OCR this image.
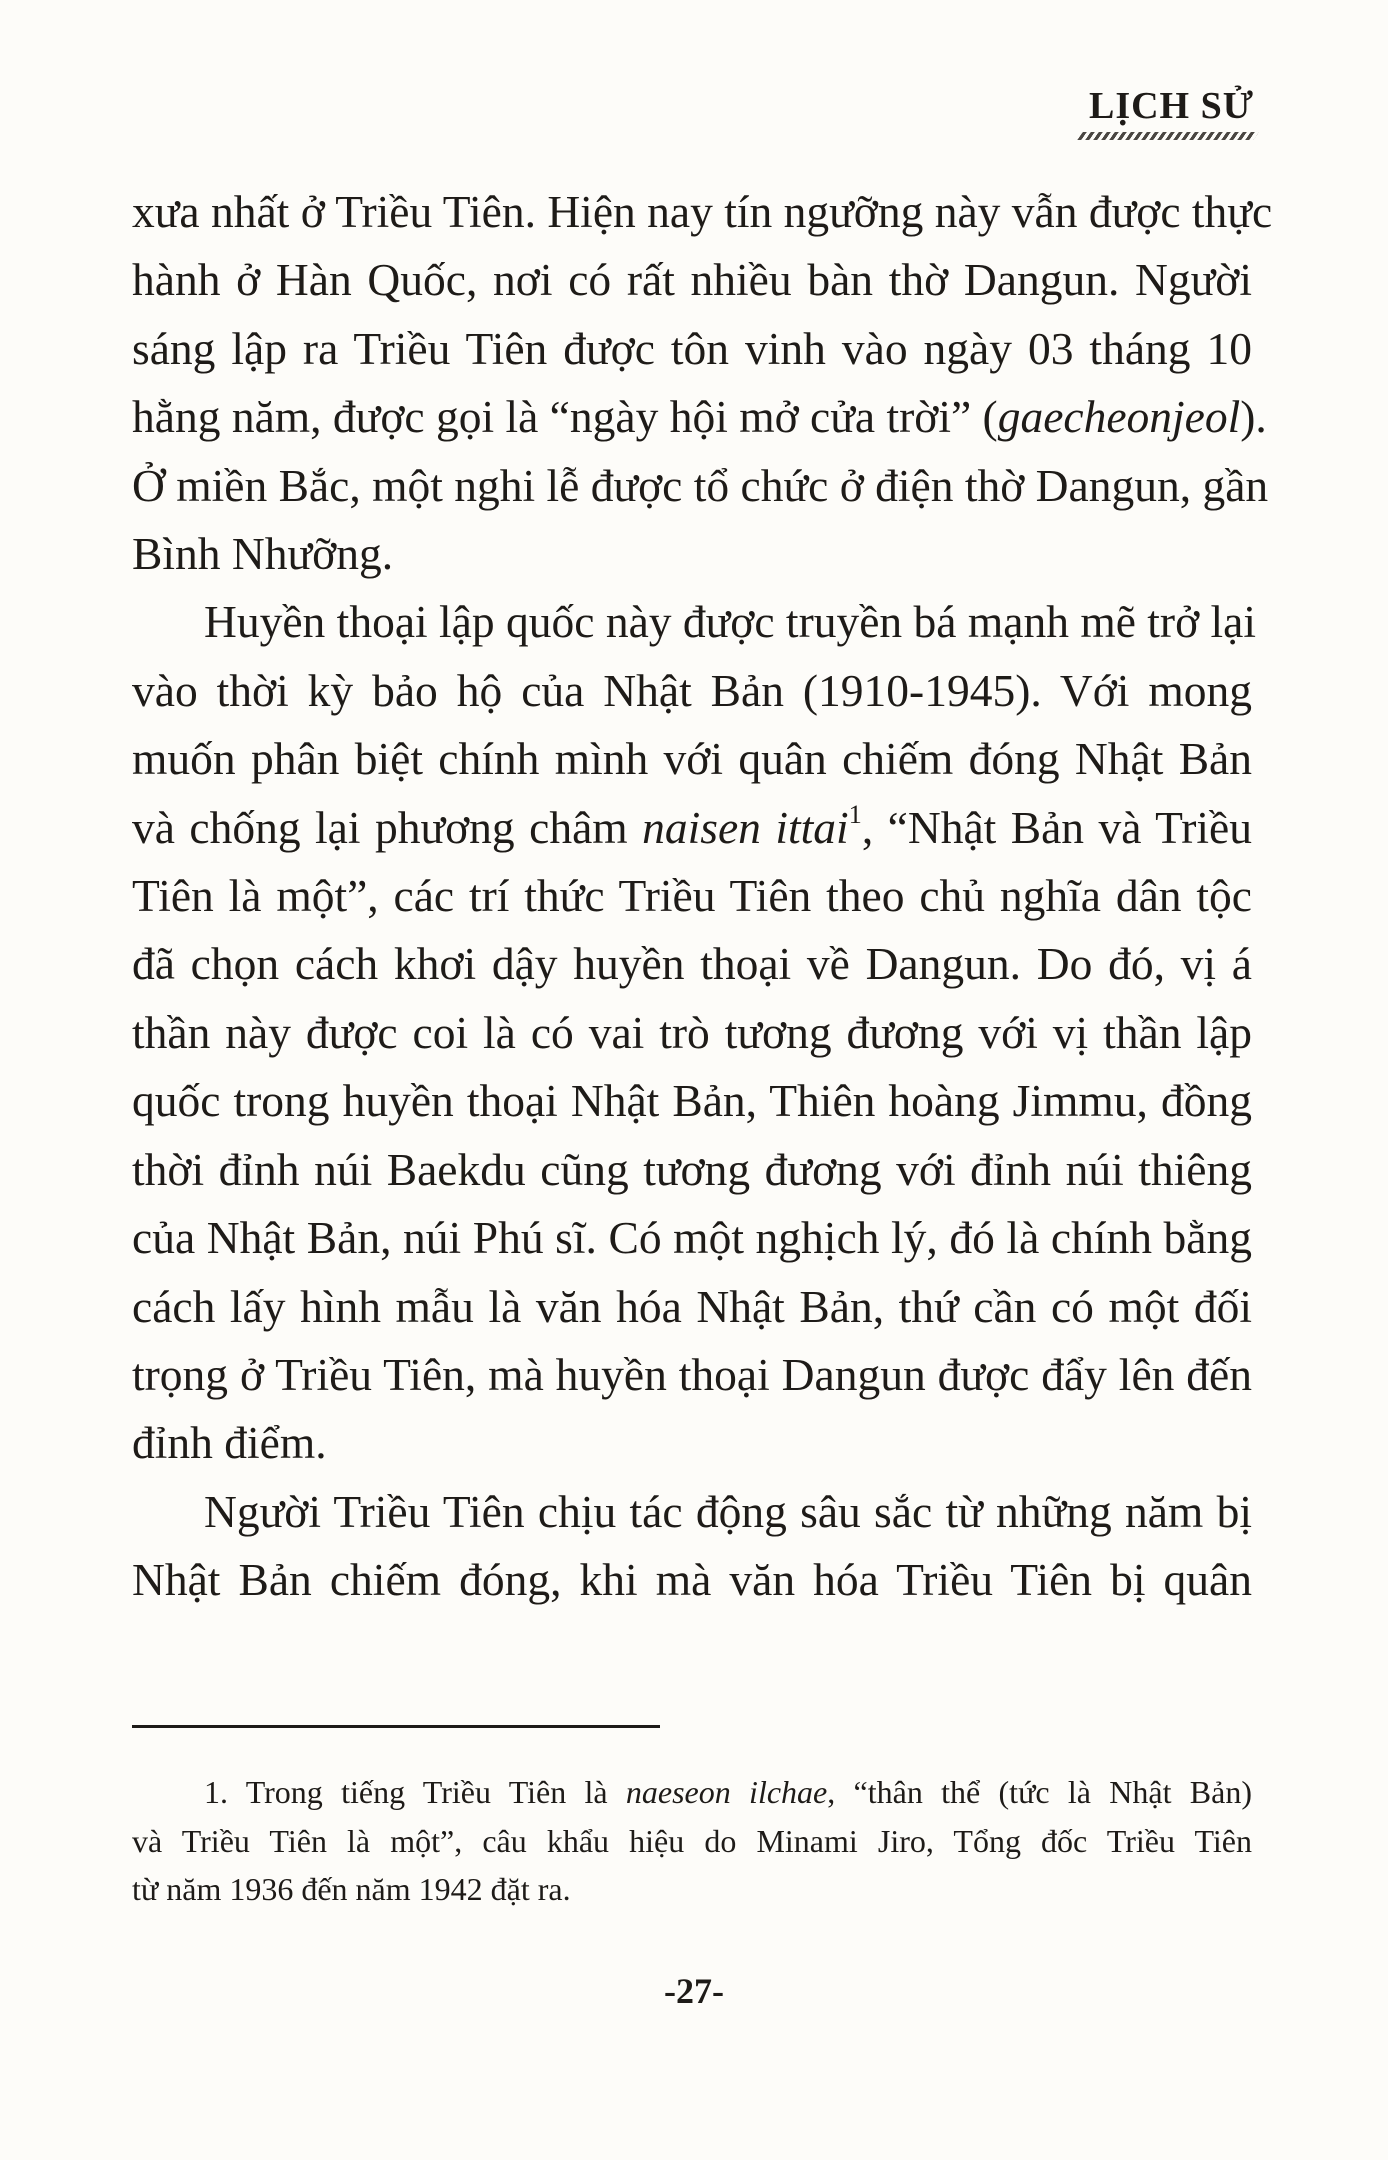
LỊCH SỬ
xưa nhất ở Triều Tiên. Hiện nay tín ngưỡng này vẫn được thực
hành ở Hàn Quốc, nơi có rất nhiều bàn thờ Dangun. Người
sáng lập ra Triều Tiên được tôn vinh vào ngày 03 tháng 10
hằng năm, được gọi là “ngày hội mở cửa trời” (gaecheonjeol).
Ở miền Bắc, một nghi lễ được tổ chức ở điện thờ Dangun, gần
Bình Nhưỡng.
Huyền thoại lập quốc này được truyền bá mạnh mẽ trở lại
vào thời kỳ bảo hộ của Nhật Bản (1910-1945). Với mong
muốn phân biệt chính mình với quân chiếm đóng Nhật Bản
và chống lại phương châm naisen ittai$^1$, “Nhật Bản và Triều
Tiên là một”, các trí thức Triều Tiên theo chủ nghĩa dân tộc
đã chọn cách khơi dậy huyền thoại về Dangun. Do đó, vị á
thần này được coi là có vai trò tương đương với vị thần lập
quốc trong huyền thoại Nhật Bản, Thiên hoàng Jimmu, đồng
thời đỉnh núi Baekdu cũng tương đương với đỉnh núi thiêng
của Nhật Bản, núi Phú sĩ. Có một nghịch lý, đó là chính bằng
cách lấy hình mẫu là văn hóa Nhật Bản, thứ cần có một đối
trọng ở Triều Tiên, mà huyền thoại Dangun được đẩy lên đến
đỉnh điểm.
Người Triều Tiên chịu tác động sâu sắc từ những năm bị
Nhật Bản chiếm đóng, khi mà văn hóa Triều Tiên bị quân
1. Trong tiếng Triều Tiên là naeseon ilchae, “thân thể (tức là Nhật Bản)
và Triều Tiên là một”, câu khẩu hiệu do Minami Jiro, Tổng đốc Triều Tiên
từ năm 1936 đến năm 1942 đặt ra.
-27-
